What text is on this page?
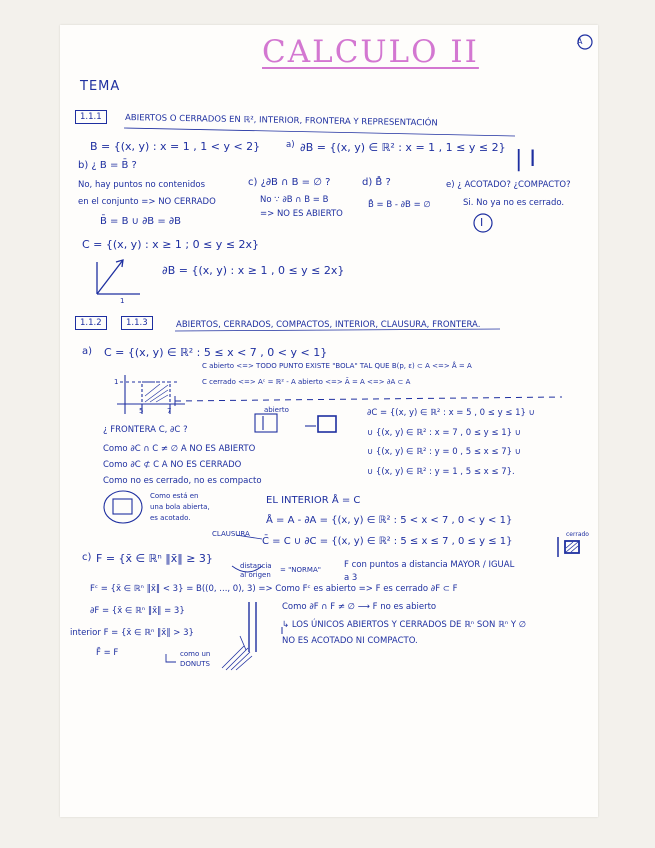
A
CALCULO II
TEMA
1.1.1	ABIERTOS O CERRADOS EN ℝ², INTERIOR, FRONTERA Y REPRESENTACIÓN
B = {(x, y) : x = 1 , 1 < y < 2}	a) ∂B = {(x, y) ∈ ℝ² : x = 1 , 1 ≤ y ≤ 2} | I
b) ¿ B = B̄ ?
No, hay puntos no contenidos
en el conjunto => NO CERRADO
B̄ = B ∪ ∂B = ∂B
c) ¿∂B ∩ B = ∅ ?
No ∵ ∂B ∩ B = B
=> NO ES ABIERTO
d) B̊ ?
B̊ = B - ∂B = ∅
e) ¿ ACOTADO? ¿COMPACTO?
Si. No ya no es cerrado.
I
C = {(x, y) : x ≥ 1 ; 0 ≤ y ≤ 2x}
∂B = {(x, y) : x ≥ 1 , 0 ≤ y ≤ 2x}
1
1.1.2	1.1.3	ABIERTOS, CERRADOS, COMPACTOS, INTERIOR, CLAUSURA, FRONTERA.
a) C = {(x, y) ∈ ℝ² : 5 ≤ x < 7 , 0 < y < 1}
C abierto <=> TODO PUNTO EXISTE "BOLA" TAL QUE B(p, ε) ⊂ A <=> Å = A
C cerrado <=> Aᶜ = ℝ² - A abierto <=> Ā = A <=> ∂A ⊂ A
5	7
1
abierto
¿ FRONTERA C, ∂C ?
∂C = {(x, y) ∈ ℝ² : x = 5 , 0 ≤ y ≤ 1} ∪
∪ {(x, y) ∈ ℝ² : x = 7 , 0 ≤ y ≤ 1} ∪
∪ {(x, y) ∈ ℝ² : y = 0 , 5 ≤ x ≤ 7} ∪
∪ {(x, y) ∈ ℝ² : y = 1 , 5 ≤ x ≤ 7}.
Como ∂C ∩ C ≠ ∅ A NO ES ABIERTO
Como ∂C ⊄ C A NO ES CERRADO
Como no es cerrado, no es compacto
Como está en
una bola abierta,
es acotado.
EL INTERIOR Å = C
Å = A - ∂A = {(x, y) ∈ ℝ² : 5 < x < 7 , 0 < y < 1}
CLAUSURA
C̄ = C ∪ ∂C = {(x, y) ∈ ℝ² : 5 ≤ x ≤ 7 , 0 ≤ y ≤ 1}
cerrado
c) F = {x̄ ∈ ℝⁿ ‖x̄‖ ≥ 3}
distancia
al origen
= "NORMA"	F con puntos a distancia MAYOR / IGUAL
a 3
Fᶜ = {x̄ ∈ ℝⁿ ‖x̄‖ < 3} = B((0, ..., 0), 3) => Como Fᶜ es abierto => F es cerrado ∂F ⊂ F
∂F = {x̄ ∈ ℝⁿ ‖x̄‖ = 3}	Como ∂F ∩ F ≠ ∅ ⟶ F no es abierto
interior F = {x̄ ∈ ℝⁿ ‖x̄‖ > 3}
↳ LOS ÚNICOS ABIERTOS Y CERRADOS DE ℝⁿ SON ℝⁿ Y ∅
NO ES ACOTADO NI COMPACTO.
F̄ = F	como un
DONUTS
